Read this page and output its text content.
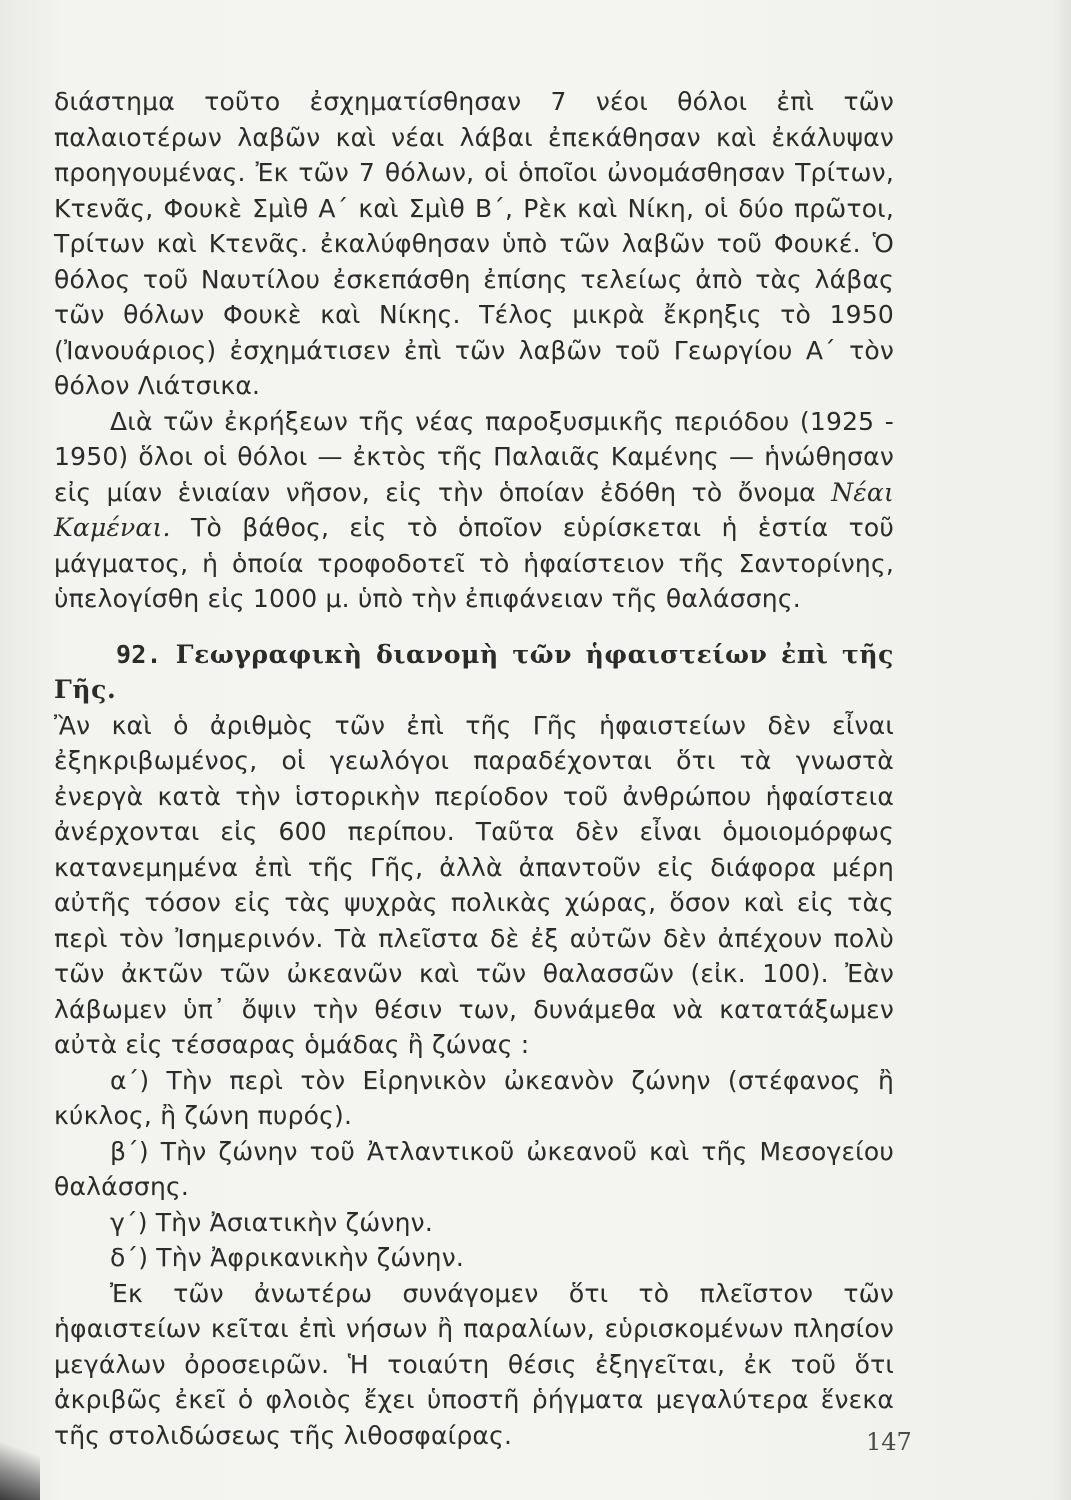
διάστημα τοῦτο ἐσχηματίσθησαν 7 νέοι θόλοι ἐπὶ τῶν παλαιοτέρων λαβῶν καὶ νέαι λάβαι ἐπεκάθησαν καὶ ἐκάλυψαν προηγουμένας. Ἐκ τῶν 7 θόλων, οἱ ὁποῖοι ὠνομάσθησαν Τρίτων, Κτενᾶς, Φουκὲ Σμὶθ Α΄ καὶ Σμὶθ Β΄, Ρὲκ καὶ Νίκη, οἱ δύο πρῶτοι, Τρίτων καὶ Κτενᾶς. ἐκαλύφθησαν ὑπὸ τῶν λαβῶν τοῦ Φουκέ. Ὁ θόλος τοῦ Ναυτίλου ἐσκεπάσθη ἐπίσης τελείως ἀπὸ τὰς λάβας τῶν θόλων Φουκὲ καὶ Νίκης. Τέλος μικρὰ ἔκρηξις τὸ 1950 (Ἰανουάριος) ἐσχημάτισεν ἐπὶ τῶν λαβῶν τοῦ Γεωργίου Α΄ τὸν θόλον Λιάτσικα.

Διὰ τῶν ἐκρήξεων τῆς νέας παροξυσμικῆς περιόδου (1925 - 1950) ὅλοι οἱ θόλοι — ἐκτὸς τῆς Παλαιᾶς Καμένης — ἡνώθησαν εἰς μίαν ἑνιαίαν νῆσον, εἰς τὴν ὁποίαν ἐδόθη τὸ ὄνομα Νέαι Καμέναι. Τὸ βάθος, εἰς τὸ ὁποῖον εὑρίσκεται ἡ ἑστία τοῦ μάγματος, ἡ ὁποία τροφοδοτεῖ τὸ ἡφαίστειον τῆς Σαντορίνης, ὑπελογίσθη εἰς 1000 μ. ὑπὸ τὴν ἐπιφάνειαν τῆς θαλάσσης.

92. Γεωγραφικὴ διανομὴ τῶν ἡφαιστείων ἐπὶ τῆς Γῆς.

Ἂν καὶ ὁ ἀριθμὸς τῶν ἐπὶ τῆς Γῆς ἡφαιστείων δὲν εἶναι ἐξηκριβωμένος, οἱ γεωλόγοι παραδέχονται ὅτι τὰ γνωστὰ ἐνεργὰ κατὰ τὴν ἱστορικὴν περίοδον τοῦ ἀνθρώπου ἡφαίστεια ἀνέρχονται εἰς 600 περίπου. Ταῦτα δὲν εἶναι ὁμοιομόρφως κατανεμημένα ἐπὶ τῆς Γῆς, ἀλλὰ ἀπαντοῦν εἰς διάφορα μέρη αὐτῆς τόσον εἰς τὰς ψυχρὰς πολικὰς χώρας, ὅσον καὶ εἰς τὰς περὶ τὸν Ἰσημερινόν. Τὰ πλεῖστα δὲ ἐξ αὐτῶν δὲν ἀπέχουν πολὺ τῶν ἀκτῶν τῶν ὠκεανῶν καὶ τῶν θαλασσῶν (εἰκ. 100). Ἐὰν λάβωμεν ὑπ᾽ ὄψιν τὴν θέσιν των, δυνάμεθα νὰ κατατάξωμεν αὐτὰ εἰς τέσσαρας ὁμάδας ἢ ζώνας :

α΄) Τὴν περὶ τὸν Εἰρηνικὸν ὠκεανὸν ζώνην (στέφανος ἢ κύκλος, ἢ ζώνη πυρός).

β΄) Τὴν ζώνην τοῦ Ἀτλαντικοῦ ὠκεανοῦ καὶ τῆς Μεσογείου θαλάσσης.

γ΄) Τὴν Ἀσιατικὴν ζώνην.

δ΄) Τὴν Ἀφρικανικὴν ζώνην.

Ἐκ τῶν ἀνωτέρω συνάγομεν ὅτι τὸ πλεῖστον τῶν ἡφαιστείων κεῖται ἐπὶ νήσων ἢ παραλίων, εὑρισκομένων πλησίον μεγάλων ὀροσειρῶν. Ἡ τοιαύτη θέσις ἐξηγεῖται, ἐκ τοῦ ὅτι ἀκριβῶς ἐκεῖ ὁ φλοιὸς ἔχει ὑποστῆ ῥήγματα μεγαλύτερα ἕνεκα τῆς στολιδώσεως τῆς λιθοσφαίρας.	147
